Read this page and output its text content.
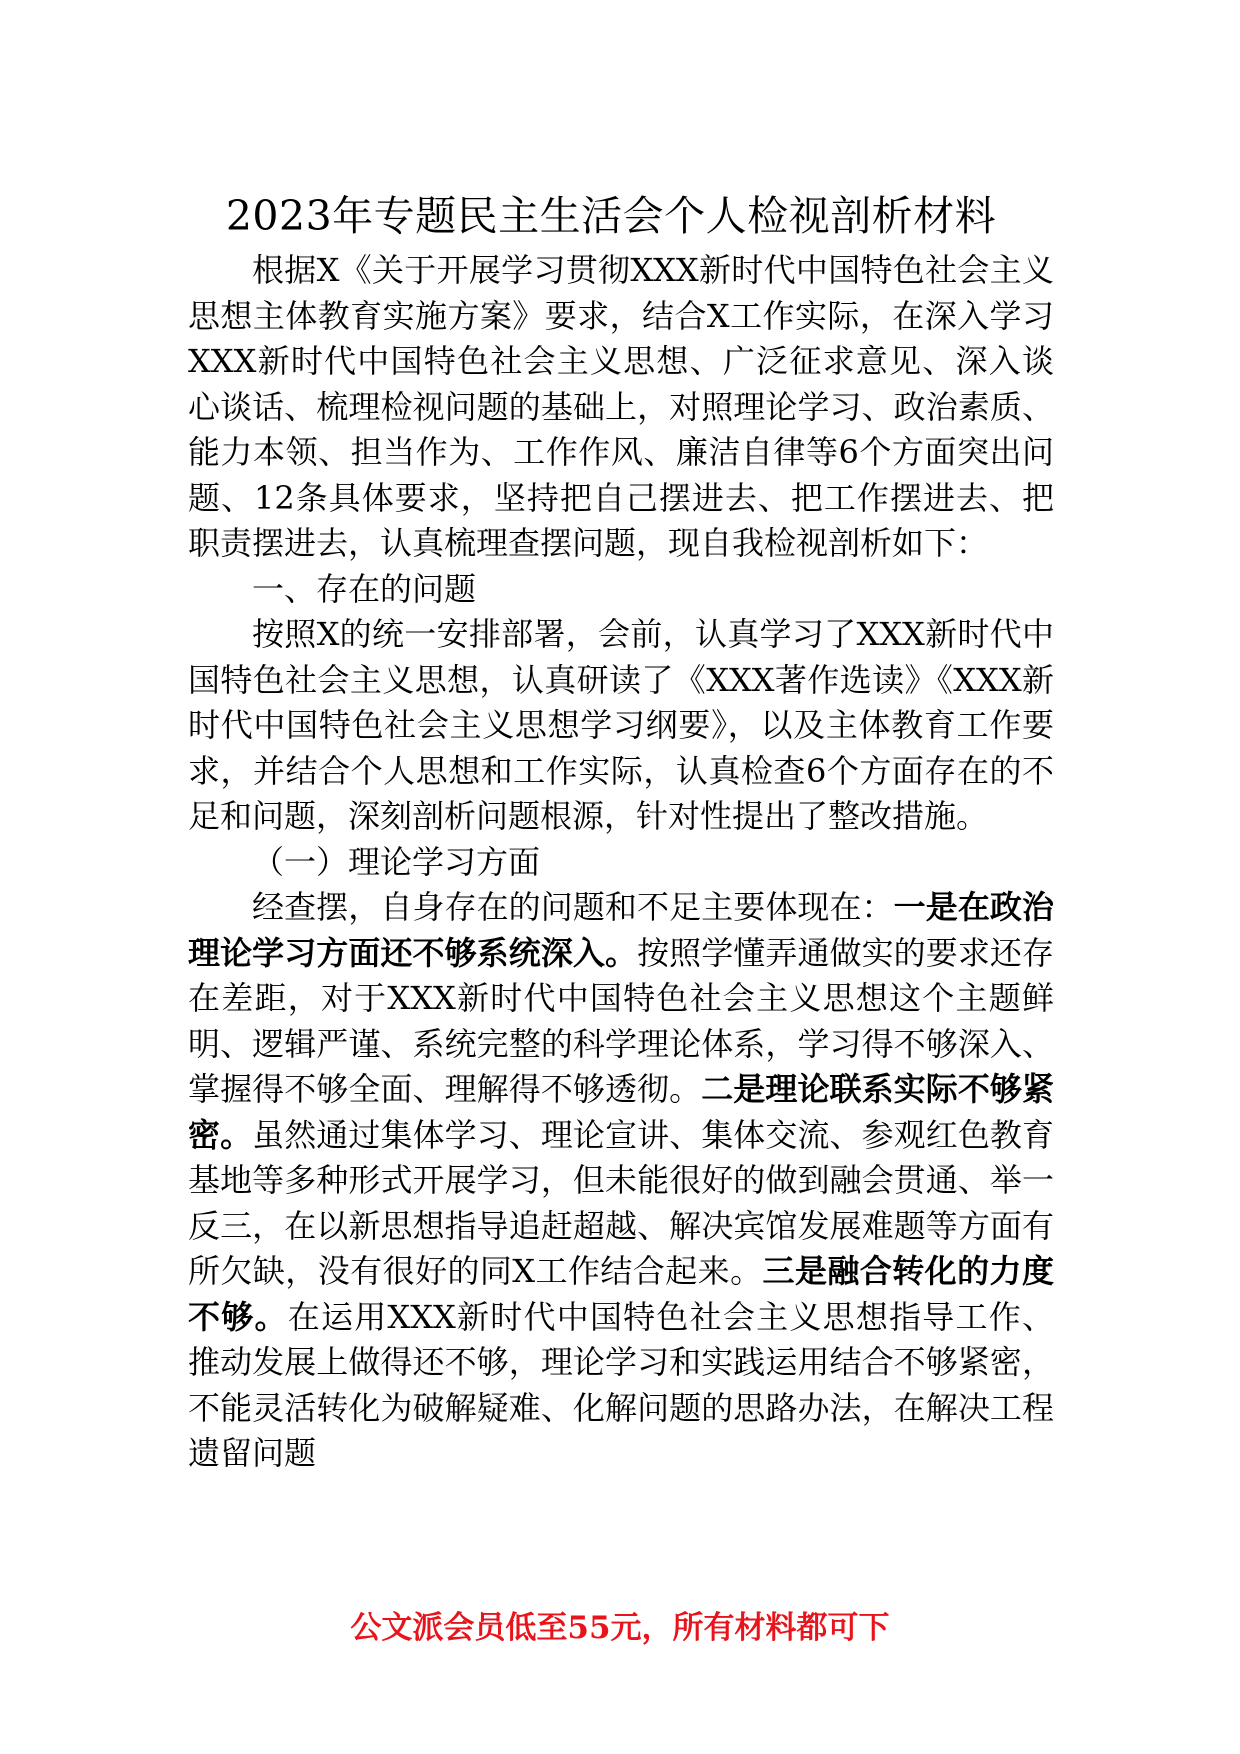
2023年专题民主生活会个人检视剖析材料

根据X《关于开展学习贯彻XXX新时代中国特色社会主义思想主体教育实施方案》要求，结合X工作实际，在深入学习XXX新时代中国特色社会主义思想、广泛征求意见、深入谈心谈话、梳理检视问题的基础上，对照理论学习、政治素质、能力本领、担当作为、工作作风、廉洁自律等6个方面突出问题、12条具体要求，坚持把自己摆进去、把工作摆进去、把职责摆进去，认真梳理查摆问题，现自我检视剖析如下：

一、存在的问题

按照X的统一安排部署，会前，认真学习了XXX新时代中国特色社会主义思想，认真研读了《XXX著作选读》《XXX新时代中国特色社会主义思想学习纲要》，以及主体教育工作要求，并结合个人思想和工作实际，认真检查6个方面存在的不足和问题，深刻剖析问题根源，针对性提出了整改措施。

（一）理论学习方面

经查摆，自身存在的问题和不足主要体现在：一是在政治理论学习方面还不够系统深入。按照学懂弄通做实的要求还存在差距，对于XXX新时代中国特色社会主义思想这个主题鲜明、逻辑严谨、系统完整的科学理论体系，学习得不够深入、掌握得不够全面、理解得不够透彻。二是理论联系实际不够紧密。虽然通过集体学习、理论宣讲、集体交流、参观红色教育基地等多种形式开展学习，但未能很好的做到融会贯通、举一反三，在以新思想指导追赶超越、解决宾馆发展难题等方面有所欠缺，没有很好的同X工作结合起来。三是融合转化的力度不够。在运用XXX新时代中国特色社会主义思想指导工作、推动发展上做得还不够，理论学习和实践运用结合不够紧密，不能灵活转化为破解疑难、化解问题的思路办法，在解决工程遗留问题

公文派会员低至55元，所有材料都可下
